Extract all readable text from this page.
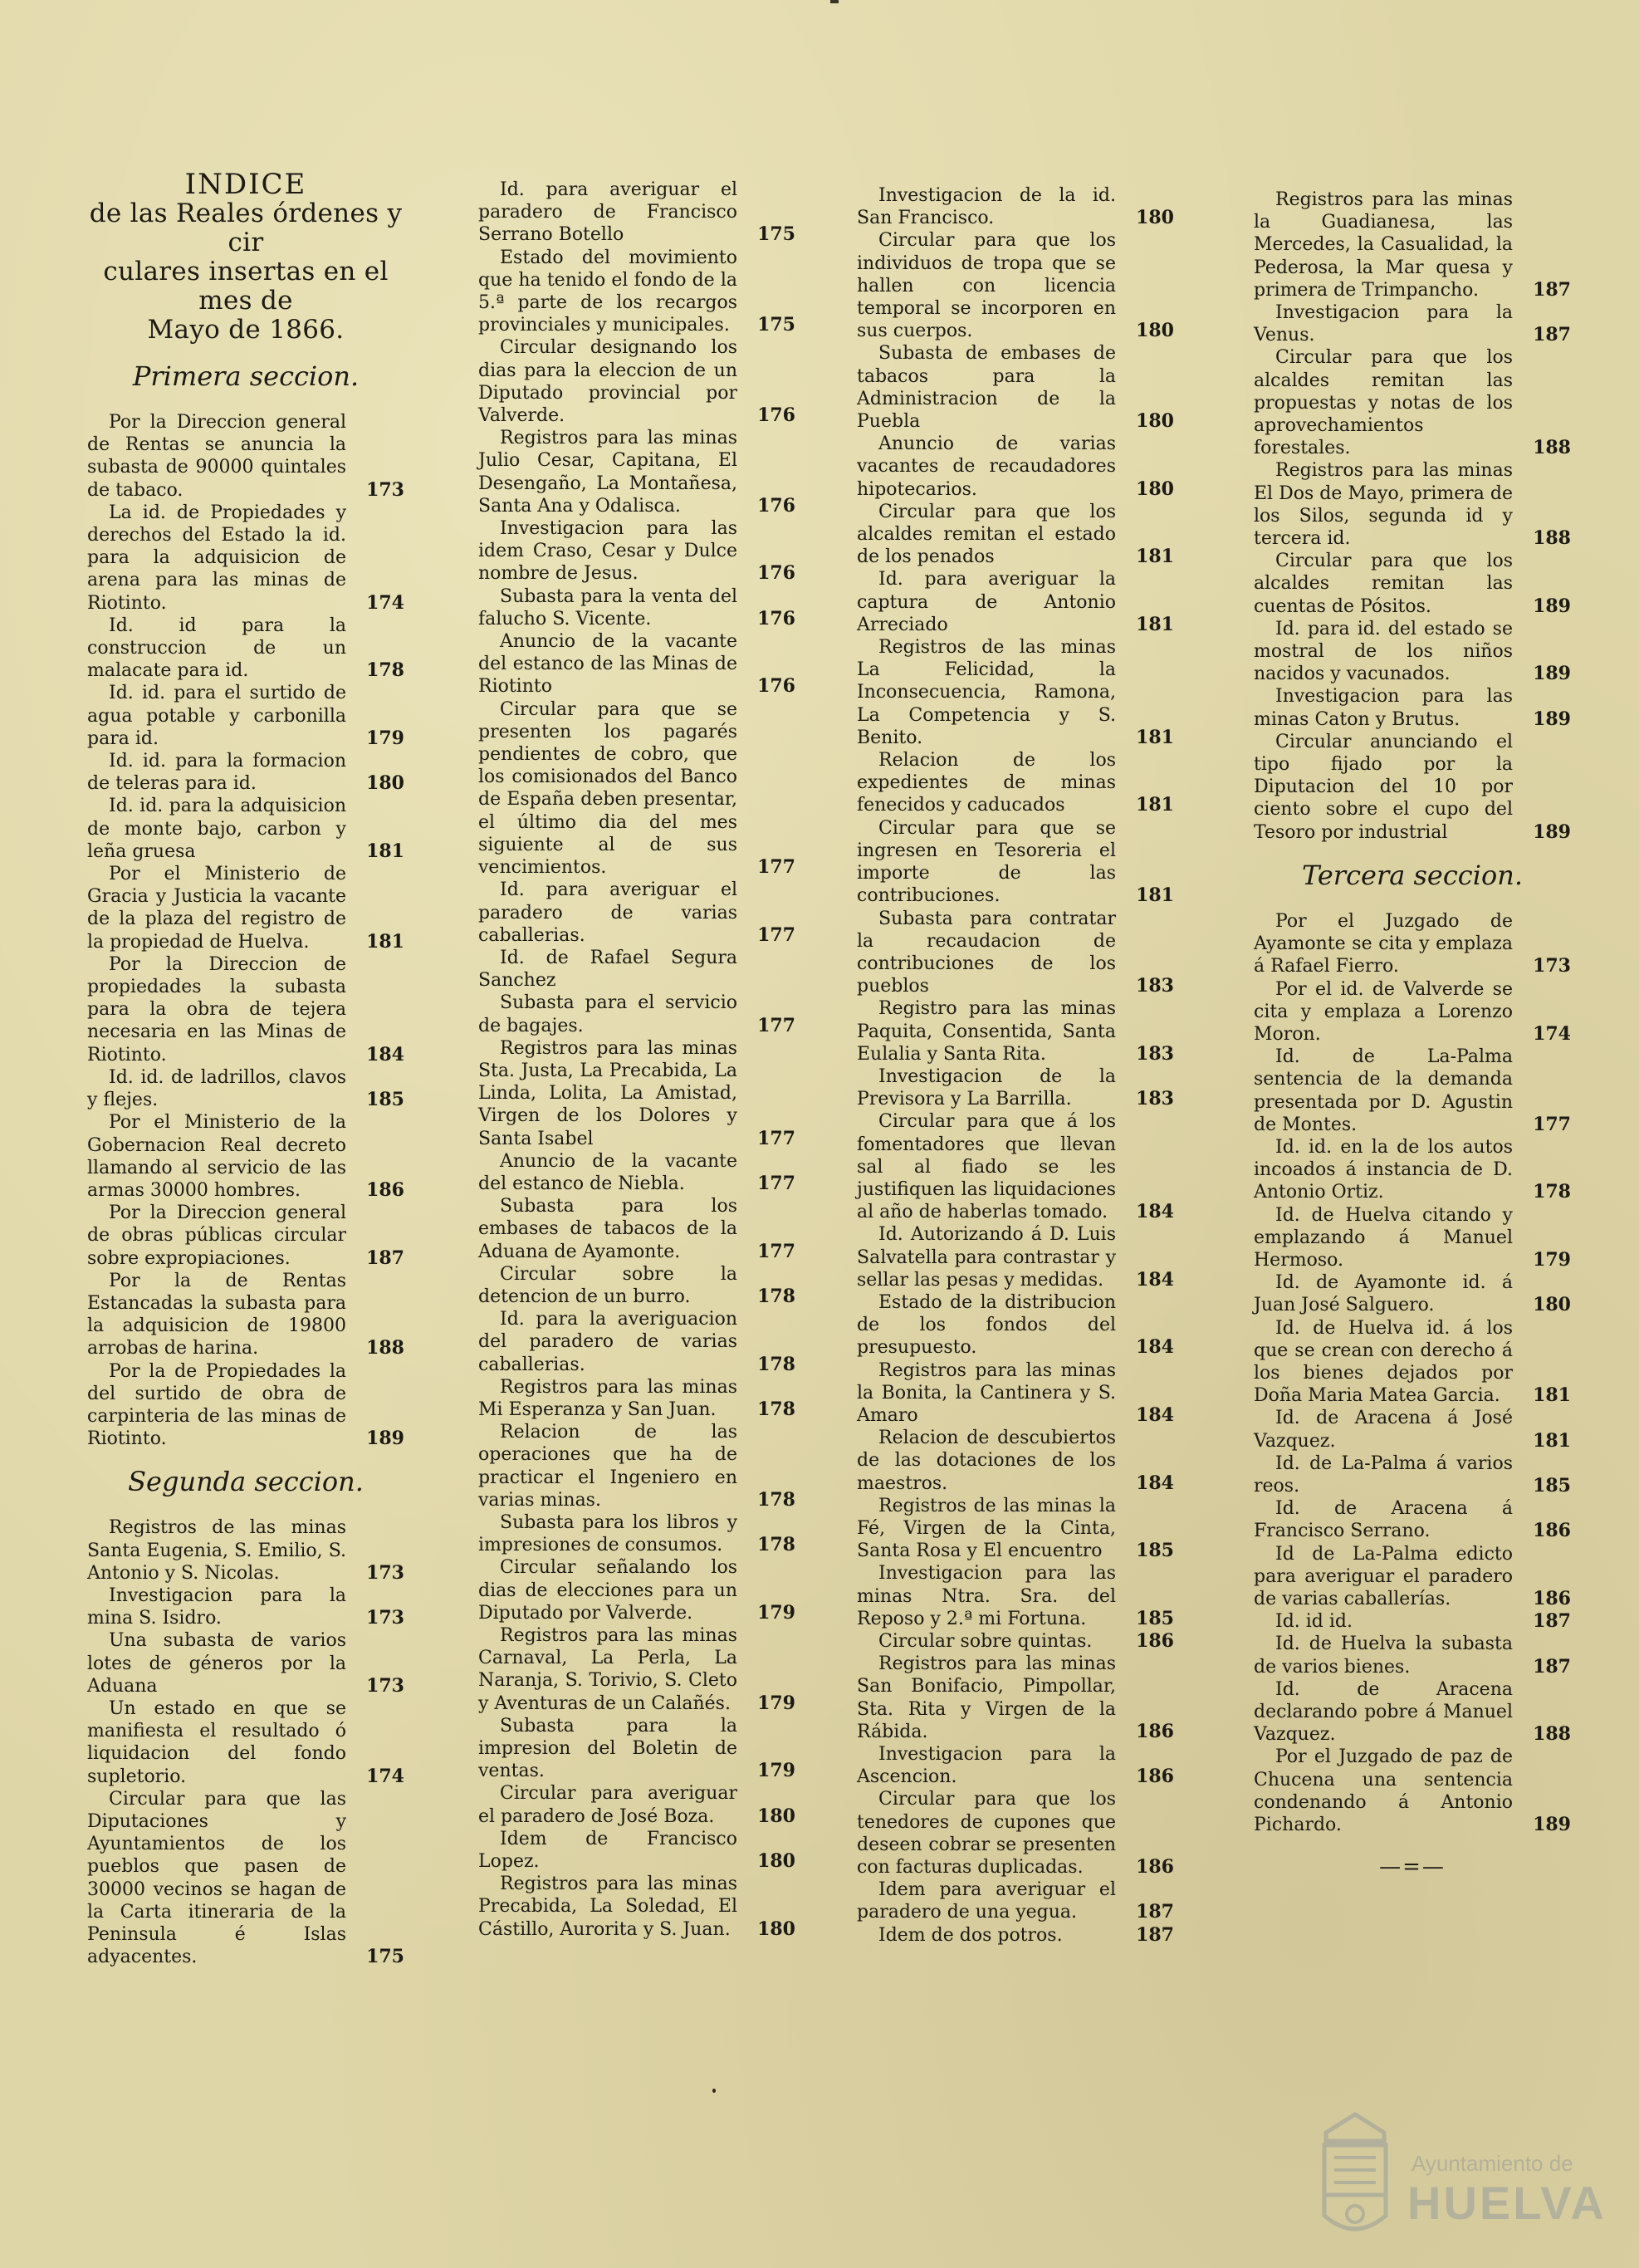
INDICE
de las Reales órdenes y cir
culares insertas en el mes de
Mayo de 1866.
Primera seccion.

Por la Direccion general de Rentas se anuncia la subasta de 90000 quintales de tabaco.	173

La id. de Propiedades y derechos del Estado la id. para la adquisicion de arena para las minas de Riotinto.	174

Id. id para la construccion de un malacate para id.	178

Id. id. para el surtido de agua potable y carbonilla para id.	179

Id. id. para la formacion de teleras para id.	180

Id. id. para la adquisicion de monte bajo, carbon y leña gruesa	181

Por el Ministerio de Gracia y Justicia la vacante de la plaza del registro de la propiedad de Huelva.	181

Por la Direccion de propiedades la subasta para la obra de tejera necesaria en las Minas de Riotinto.	184

Id. id. de ladrillos, clavos y flejes.	185

Por el Ministerio de la Gobernacion Real decreto llamando al servicio de las armas 30000 hombres.	186

Por la Direccion general de obras públicas circular sobre expropiaciones.	187

Por la de Rentas Estancadas la subasta para la adquisicion de 19800 arrobas de harina.	188

Por la de Propiedades la del surtido de obra de carpinteria de las minas de Riotinto.	189

Segunda seccion.

Registros de las minas Santa Eugenia, S. Emilio, S. Antonio y S. Nicolas.	173

Investigacion para la mina S. Isidro.	173

Una subasta de varios lotes de géneros por la Aduana	173

Un estado en que se manifiesta el resultado ó liquidacion del fondo supletorio.	174

Circular para que las Diputaciones y Ayuntamientos de los pueblos que pasen de 30000 vecinos se hagan de la Carta itineraria de la Peninsula é Islas adyacentes.	175

Id. para averiguar el paradero de Francisco Serrano Botello	175

Estado del movimiento que ha tenido el fondo de la 5.ª parte de los recargos provinciales y municipales.	175

Circular designando los dias para la eleccion de un Diputado provincial por Valverde.	176

Registros para las minas Julio Cesar, Capitana, El Desengaño, La Montañesa, Santa Ana y Odalisca.	176

Investigacion para las idem Craso, Cesar y Dulce nombre de Jesus.	176

Subasta para la venta del falucho S. Vicente.	176

Anuncio de la vacante del estanco de las Minas de Riotinto	176

Circular para que se presenten los pagarés pendientes de cobro, que los comisionados del Banco de España deben presentar, el último dia del mes siguiente al de sus vencimientos.	177

Id. para averiguar el paradero de varias caballerias.	177

Id. de Rafael Segura Sanchez

Subasta para el servicio de bagajes.	177

Registros para las minas Sta. Justa, La Precabida, La Linda, Lolita, La Amistad, Virgen de los Dolores y Santa Isabel	177

Anuncio de la vacante del estanco de Niebla.	177

Subasta para los embases de tabacos de la Aduana de Ayamonte.	177

Circular sobre la detencion de un burro.	178

Id. para la averiguacion del paradero de varias caballerias.	178

Registros para las minas Mi Esperanza y San Juan.	178

Relacion de las operaciones que ha de practicar el Ingeniero en varias minas.	178

Subasta para los libros y impresiones de consumos.	178

Circular señalando los dias de elecciones para un Diputado por Valverde.	179

Registros para las minas Carnaval, La Perla, La Naranja, S. Torivio, S. Cleto y Aventuras de un Calañés.	179

Subasta para la impresion del Boletin de ventas.	179

Circular para averiguar el paradero de José Boza.	180

Idem de Francisco Lopez.	180

Registros para las minas Precabida, La Soledad, El Cástillo, Aurorita y S. Juan.	180

Investigacion de la id. San Francisco.	180

Circular para que los individuos de tropa que se hallen con licencia temporal se incorporen en sus cuerpos.	180

Subasta de embases de tabacos para la Administracion de la Puebla	180

Anuncio de varias vacantes de recaudadores hipotecarios.	180

Circular para que los alcaldes remitan el estado de los penados	181

Id. para averiguar la captura de Antonio Arreciado	181

Registros de las minas La Felicidad, la Inconsecuencia, Ramona, La Competencia y S. Benito.	181

Relacion de los expedientes de minas fenecidos y caducados	181

Circular para que se ingresen en Tesoreria el importe de las contribuciones.	181

Subasta para contratar la recaudacion de contribuciones de los pueblos	183

Registro para las minas Paquita, Consentida, Santa Eulalia y Santa Rita.	183

Investigacion de la Previsora y La Barrilla.	183

Circular para que á los fomentadores que llevan sal al fiado se les justifiquen las liquidaciones al año de haberlas tomado.	184

Id. Autorizando á D. Luis Salvatella para contrastar y sellar las pesas y medidas.	184

Estado de la distribucion de los fondos del presupuesto.	184

Registros para las minas la Bonita, la Cantinera y S. Amaro	184

Relacion de descubiertos de las dotaciones de los maestros.	184

Registros de las minas la Fé, Virgen de la Cinta, Santa Rosa y El encuentro	185

Investigacion para las minas Ntra. Sra. del Reposo y 2.ª mi Fortuna.	185

Circular sobre quintas.	186

Registros para las minas San Bonifacio, Pimpollar, Sta. Rita y Virgen de la Rábida.	186

Investigacion para la Ascencion.	186

Circular para que los tenedores de cupones que deseen cobrar se presenten con facturas duplicadas.	186

Idem para averiguar el paradero de una yegua.	187

Idem de dos potros.	187

Registros para las minas la Guadianesa, las Mercedes, la Casualidad, la Pederosa, la Mar quesa y primera de Trimpancho.	187

Investigacion para la Venus.	187

Circular para que los alcaldes remitan las propuestas y notas de los aprovechamientos forestales.	188

Registros para las minas El Dos de Mayo, primera de los Silos, segunda id y tercera id.	188

Circular para que los alcaldes remitan las cuentas de Pósitos.	189

Id. para id. del estado se mostral de los niños nacidos y vacunados.	189

Investigacion para las minas Caton y Brutus.	189

Circular anunciando el tipo fijado por la Diputacion del 10 por ciento sobre el cupo del Tesoro por industrial	189

Tercera seccion.

Por el Juzgado de Ayamonte se cita y emplaza á Rafael Fierro.	173

Por el id. de Valverde se cita y emplaza a Lorenzo Moron.	174

Id. de La-Palma sentencia de la demanda presentada por D. Agustin de Montes.	177

Id. id. en la de los autos incoados á instancia de D. Antonio Ortiz.	178

Id. de Huelva citando y emplazando á Manuel Hermoso.	179

Id. de Ayamonte id. á Juan José Salguero.	180

Id. de Huelva id. á los que se crean con derecho á los bienes dejados por Doña Maria Matea Garcia.	181

Id. de Aracena á José Vazquez.	181

Id. de La-Palma á varios reos.	185

Id. de Aracena á Francisco Serrano.	186

Id de La-Palma edicto para averiguar el paradero de varias caballerías.	186

Id. id id.	187

Id. de Huelva la subasta de varios bienes.	187

Id. de Aracena declarando pobre á Manuel Vazquez.	188

Por el Juzgado de paz de Chucena una sentencia condenando á Antonio Pichardo.	189

—=—
Ayuntamiento de
HUELVA
